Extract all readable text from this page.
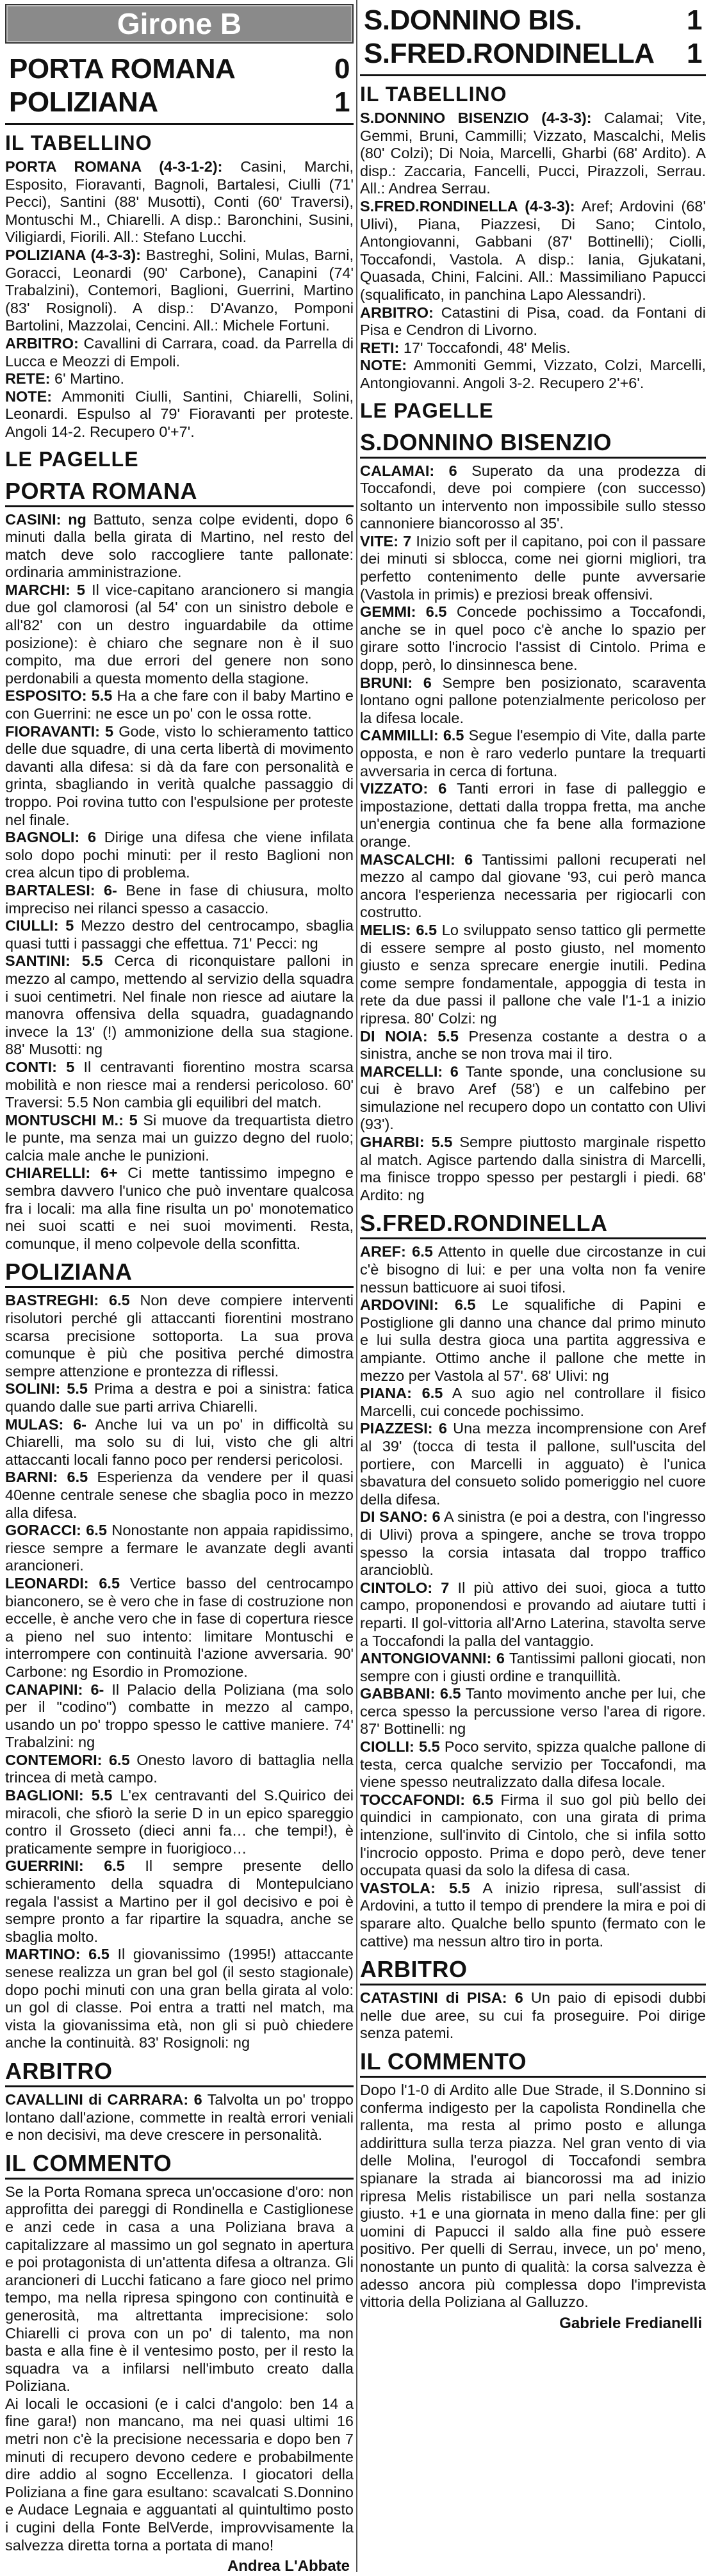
Girone B
PORTA ROMANA	0
POLIZIANA	1
IL TABELLINO

PORTA ROMANA (4-3-1-2): Casini, Marchi, Esposito, Fioravanti, Bagnoli, Bartalesi, Ciulli (71' Pecci), Santini (88' Musotti), Conti (60' Traversi), Montuschi M., Chiarelli. A disp.: Baronchini, Susini, Viligiardi, Fiorili. All.: Stefano Lucchi.

POLIZIANA (4-3-3): Bastreghi, Solini, Mulas, Barni, Goracci, Leonardi (90' Carbone), Canapini (74' Trabalzini), Contemori, Baglioni, Guerrini, Martino (83' Rosignoli). A disp.: D'Avanzo, Pomponi Bartolini, Mazzolai, Cencini. All.: Michele Fortuni.

ARBITRO: Cavallini di Carrara, coad. da Parrella di Lucca e Meozzi di Empoli.

RETE: 6' Martino.

NOTE: Ammoniti Ciulli, Santini, Chiarelli, Solini, Leonardi. Espulso al 79' Fioravanti per proteste. Angoli 14-2. Recupero 0'+7'.

LE PAGELLE
PORTA ROMANA

CASINI: ng Battuto, senza colpe evidenti, dopo 6 minuti dalla bella girata di Martino, nel resto del match deve solo raccogliere tante pallonate: ordinaria amministrazione.

MARCHI: 5 Il vice-capitano arancionero si mangia due gol clamorosi (al 54' con un sinistro debole e all'82' con un destro inguardabile da ottime posizione): è chiaro che segnare non è il suo compito, ma due errori del genere non sono perdonabili a questa momento della stagione.

ESPOSITO: 5.5 Ha a che fare con il baby Martino e con Guerrini: ne esce un po' con le ossa rotte.

FIORAVANTI: 5 Gode, visto lo schieramento tattico delle due squadre, di una certa libertà di movimento davanti alla difesa: si dà da fare con personalità e grinta, sbagliando in verità qualche passaggio di troppo. Poi rovina tutto con l'espulsione per proteste nel finale.

BAGNOLI: 6 Dirige una difesa che viene infilata solo dopo pochi minuti: per il resto Baglioni non crea alcun tipo di problema.

BARTALESI: 6- Bene in fase di chiusura, molto impreciso nei rilanci spesso a casaccio.

CIULLI: 5 Mezzo destro del centrocampo, sbaglia quasi tutti i passaggi che effettua. 71' Pecci: ng

SANTINI: 5.5 Cerca di riconquistare palloni in mezzo al campo, mettendo al servizio della squadra i suoi centimetri. Nel finale non riesce ad aiutare la manovra offensiva della squadra, guadagnando invece la 13' (!) ammonizione della sua stagione. 88' Musotti: ng

CONTI: 5 Il centravanti fiorentino mostra scarsa mobilità e non riesce mai a rendersi pericoloso. 60' Traversi: 5.5 Non cambia gli equilibri del match.

MONTUSCHI M.: 5 Si muove da trequartista dietro le punte, ma senza mai un guizzo degno del ruolo; calcia male anche le punizioni.

CHIARELLI: 6+ Ci mette tantissimo impegno e sembra davvero l'unico che può inventare qualcosa fra i locali: ma alla fine risulta un po' monotematico nei suoi scatti e nei suoi movimenti. Resta, comunque, il meno colpevole della sconfitta.

POLIZIANA

BASTREGHI: 6.5 Non deve compiere interventi risolutori perché gli attaccanti fiorentini mostrano scarsa precisione sottoporta. La sua prova comunque è più che positiva perché dimostra sempre attenzione e prontezza di riflessi.

SOLINI: 5.5 Prima a destra e poi a sinistra: fatica quando dalle sue parti arriva Chiarelli.

MULAS: 6- Anche lui va un po' in difficoltà su Chiarelli, ma solo su di lui, visto che gli altri attaccanti locali fanno poco per rendersi pericolosi.

BARNI: 6.5 Esperienza da vendere per il quasi 40enne centrale senese che sbaglia poco in mezzo alla difesa.

GORACCI: 6.5 Nonostante non appaia rapidissimo, riesce sempre a fermare le avanzate degli avanti arancioneri.

LEONARDI: 6.5 Vertice basso del centrocampo bianconero, se è vero che in fase di costruzione non eccelle, è anche vero che in fase di copertura riesce a pieno nel suo intento: limitare Montuschi e interrompere con continuità l'azione avversaria. 90' Carbone: ng Esordio in Promozione.

CANAPINI: 6- Il Palacio della Poliziana (ma solo per il "codino") combatte in mezzo al campo, usando un po' troppo spesso le cattive maniere. 74' Trabalzini: ng

CONTEMORI: 6.5 Onesto lavoro di battaglia nella trincea di metà campo.

BAGLIONI: 5.5 L'ex centravanti del S.Quirico dei miracoli, che sfiorò la serie D in un epico spareggio contro il Grosseto (dieci anni fa… che tempi!), è praticamente sempre in fuorigioco…

GUERRINI: 6.5 Il sempre presente dello schieramento della squadra di Montepulciano regala l'assist a Martino per il gol decisivo e poi è sempre pronto a far ripartire la squadra, anche se sbaglia molto.

MARTINO: 6.5 Il giovanissimo (1995!) attaccante senese realizza un gran bel gol (il sesto stagionale) dopo pochi minuti con una gran bella girata al volo: un gol di classe. Poi entra a tratti nel match, ma vista la giovanissima età, non gli si può chiedere anche la continuità. 83' Rosignoli: ng

ARBITRO

CAVALLINI di CARRARA: 6 Talvolta un po' troppo lontano dall'azione, commette in realtà errori veniali e non decisivi, ma deve crescere in personalità.

IL COMMENTO

Se la Porta Romana spreca un'occasione d'oro: non approfitta dei pareggi di Rondinella e Castiglionese e anzi cede in casa a una Poliziana brava a capitalizzare al massimo un gol segnato in apertura e poi protagonista di un'attenta difesa a oltranza. Gli arancioneri di Lucchi faticano a fare gioco nel primo tempo, ma nella ripresa spingono con continuità e generosità, ma altrettanta imprecisione: solo Chiarelli ci prova con un po' di talento, ma non basta e alla fine è il ventesimo posto, per il resto la squadra va a infilarsi nell'imbuto creato dalla Poliziana.

Ai locali le occasioni (e i calci d'angolo: ben 14 a fine gara!) non mancano, ma nei quasi ultimi 16 metri non c'è la precisione necessaria e dopo ben 7 minuti di recupero devono cedere e probabilmente dire addio al sogno Eccellenza. I giocatori della Poliziana a fine gara esultano: scavalcati S.Donnino e Audace Legnaia e agguantati al quintultimo posto i cugini della Fonte BelVerde, improvvisamente la salvezza diretta torna a portata di mano!

Andrea L'Abbate
S.DONNINO BIS.	1
S.FRED.RONDINELLA 1
IL TABELLINO

S.DONNINO BISENZIO (4-3-3): Calamai; Vite, Gemmi, Bruni, Cammilli; Vizzato, Mascalchi, Melis (80' Colzi); Di Noia, Marcelli, Gharbi (68' Ardito). A disp.: Zaccaria, Fancelli, Pucci, Pirazzoli, Serrau. All.: Andrea Serrau.

S.FRED.RONDINELLA (4-3-3): Aref; Ardovini (68' Ulivi), Piana, Piazzesi, Di Sano; Cintolo, Antongiovanni, Gabbani (87' Bottinelli); Ciolli, Toccafondi, Vastola. A disp.: Iania, Gjukatani, Quasada, Chini, Falcini. All.: Massimiliano Papucci (squalificato, in panchina Lapo Alessandri).

ARBITRO: Catastini di Pisa, coad. da Fontani di Pisa e Cendron di Livorno.

RETI: 17' Toccafondi, 48' Melis.

NOTE: Ammoniti Gemmi, Vizzato, Colzi, Marcelli, Antongiovanni. Angoli 3-2. Recupero 2'+6'.

LE PAGELLE
S.DONNINO BISENZIO

CALAMAI: 6 Superato da una prodezza di Toccafondi, deve poi compiere (con successo) soltanto un intervento non impossibile sullo stesso cannoniere biancorosso al 35'.

VITE: 7 Inizio soft per il capitano, poi con il passare dei minuti si sblocca, come nei giorni migliori, tra perfetto contenimento delle punte avversarie (Vastola in primis) e preziosi break offensivi.

GEMMI: 6.5 Concede pochissimo a Toccafondi, anche se in quel poco c'è anche lo spazio per girare sotto l'incrocio l'assist di Cintolo. Prima e dopp, però, lo dinsinnesca bene.

BRUNI: 6 Sempre ben posizionato, scaraventa lontano ogni pallone potenzialmente pericoloso per la difesa locale.

CAMMILLI: 6.5 Segue l'esempio di Vite, dalla parte opposta, e non è raro vederlo puntare la trequarti avversaria in cerca di fortuna.

VIZZATO: 6 Tanti errori in fase di palleggio e impostazione, dettati dalla troppa fretta, ma anche un'energia continua che fa bene alla formazione orange.

MASCALCHI: 6 Tantissimi palloni recuperati nel mezzo al campo dal giovane '93, cui però manca ancora l'esperienza necessaria per rigiocarli con costrutto.

MELIS: 6.5 Lo sviluppato senso tattico gli permette di essere sempre al posto giusto, nel momento giusto e senza sprecare energie inutili. Pedina come sempre fondamentale, appoggia di testa in rete da due passi il pallone che vale l'1-1 a inizio ripresa. 80' Colzi: ng

DI NOIA: 5.5 Presenza costante a destra o a sinistra, anche se non trova mai il tiro.

MARCELLI: 6 Tante sponde, una conclusione su cui è bravo Aref (58') e un calfebino per simulazione nel recupero dopo un contatto con Ulivi (93').

GHARBI: 5.5 Sempre piuttosto marginale rispetto al match. Agisce partendo dalla sinistra di Marcelli, ma finisce troppo spesso per pestargli i piedi. 68' Ardito: ng

S.FRED.RONDINELLA

AREF: 6.5 Attento in quelle due circostanze in cui c'è bisogno di lui: e per una volta non fa venire nessun batticuore ai suoi tifosi.

ARDOVINI: 6.5 Le squalifiche di Papini e Postiglione gli danno una chance dal primo minuto e lui sulla destra gioca una partita aggressiva e ampiante. Ottimo anche il pallone che mette in mezzo per Vastola al 57'. 68' Ulivi: ng

PIANA: 6.5 A suo agio nel controllare il fisico Marcelli, cui concede pochissimo.

PIAZZESI: 6 Una mezza incomprensione con Aref al 39' (tocca di testa il pallone, sull'uscita del portiere, con Marcelli in agguato) è l'unica sbavatura del consueto solido pomeriggio nel cuore della difesa.

DI SANO: 6 A sinistra (e poi a destra, con l'ingresso di Ulivi) prova a spingere, anche se trova troppo spesso la corsia intasata dal troppo traffico arancioblù.

CINTOLO: 7 Il più attivo dei suoi, gioca a tutto campo, proponendosi e provando ad aiutare tutti i reparti. Il gol-vittoria all'Arno Laterina, stavolta serve a Toccafondi la palla del vantaggio.

ANTONGIOVANNI: 6 Tantissimi palloni giocati, non sempre con i giusti ordine e tranquillità.

GABBANI: 6.5 Tanto movimento anche per lui, che cerca spesso la percussione verso l'area di rigore. 87' Bottinelli: ng

CIOLLI: 5.5 Poco servito, spizza qualche pallone di testa, cerca qualche servizio per Toccafondi, ma viene spesso neutralizzato dalla difesa locale.

TOCCAFONDI: 6.5 Firma il suo gol più bello dei quindici in campionato, con una girata di prima intenzione, sull'invito di Cintolo, che si infila sotto l'incrocio opposto. Prima e dopo però, deve tener occupata quasi da solo la difesa di casa.

VASTOLA: 5.5 A inizio ripresa, sull'assist di Ardovini, a tutto il tempo di prendere la mira e poi di sparare alto. Qualche bello spunto (fermato con le cattive) ma nessun altro tiro in porta.

ARBITRO

CATASTINI di PISA: 6 Un paio di episodi dubbi nelle due aree, su cui fa proseguire. Poi dirige senza patemi.

IL COMMENTO

Dopo l'1-0 di Ardito alle Due Strade, il S.Donnino si conferma indigesto per la capolista Rondinella che rallenta, ma resta al primo posto e allunga addirittura sulla terza piazza. Nel gran vento di via delle Molina, l'eurogol di Toccafondi sembra spianare la strada ai biancorossi ma ad inizio ripresa Melis ristabilisce un pari nella sostanza giusto. +1 e una giornata in meno dalla fine: per gli uomini di Papucci il saldo alla fine può essere positivo. Per quelli di Serrau, invece, un po' meno, nonostante un punto di qualità: la corsa salvezza è adesso ancora più complessa dopo l'imprevista vittoria della Poliziana al Galluzzo.

Gabriele Fredianelli
